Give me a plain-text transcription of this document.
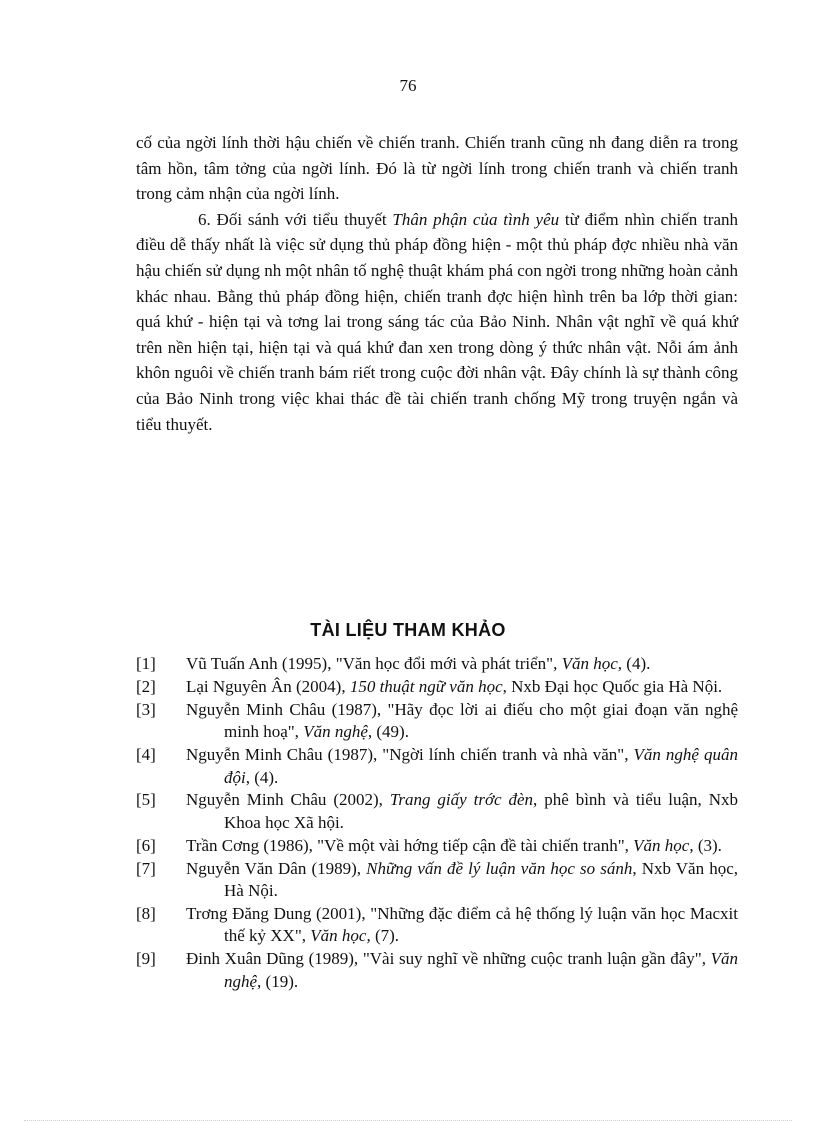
76

cố của ngời lính thời hậu chiến về chiến tranh. Chiến tranh cũng nh đang diễn ra trong tâm hồn, tâm tởng của ngời lính. Đó là từ ngời lính trong chiến tranh và chiến tranh trong cảm nhận của ngời lính.

6. Đối sánh với tiểu thuyết Thân phận của tình yêu từ điểm nhìn chiến tranh điều dễ thấy nhất là việc sử dụng thủ pháp đồng hiện - một thủ pháp đợc nhiều nhà văn hậu chiến sử dụng nh một nhân tố nghệ thuật khám phá con ngời trong những hoàn cảnh khác nhau. Bằng thủ pháp đồng hiện, chiến tranh đợc hiện hình trên ba lớp thời gian: quá khứ - hiện tại và tơng lai trong sáng tác của Bảo Ninh. Nhân vật nghĩ về quá khứ trên nền hiện tại, hiện tại và quá khứ đan xen trong dòng ý thức nhân vật. Nỗi ám ảnh khôn nguôi về chiến tranh bám riết trong cuộc đời nhân vật. Đây chính là sự thành công của Bảo Ninh trong việc khai thác đề tài chiến tranh chống Mỹ trong truyện ngắn và tiểu thuyết.

TÀI LIỆU THAM KHẢO
[1] Vũ Tuấn Anh (1995), "Văn học đổi mới và phát triển", Văn học, (4).
[2] Lại Nguyên Ân (2004), 150 thuật ngữ văn học, Nxb Đại học Quốc gia Hà Nội.
[3] Nguyễn Minh Châu (1987), "Hãy đọc lời ai điếu cho một giai đoạn văn nghệ minh hoạ", Văn nghệ, (49).
[4] Nguyễn Minh Châu (1987), "Ngời lính chiến tranh và nhà văn", Văn nghệ quân đội, (4).
[5] Nguyễn Minh Châu (2002), Trang giấy trớc đèn, phê bình và tiểu luận, Nxb Khoa học Xã hội.
[6] Trần Cơng (1986), "Về một vài hớng tiếp cận đề tài chiến tranh", Văn học, (3).
[7] Nguyễn Văn Dân (1989), Những vấn đề lý luận văn học so sánh, Nxb Văn học, Hà Nội.
[8] Trơng Đăng Dung (2001), "Những đặc điểm cả hệ thống lý luận văn học Macxit thế kỷ XX", Văn học, (7).
[9] Đinh Xuân Dũng (1989), "Vài suy nghĩ về những cuộc tranh luận gần đây", Văn nghệ, (19).
